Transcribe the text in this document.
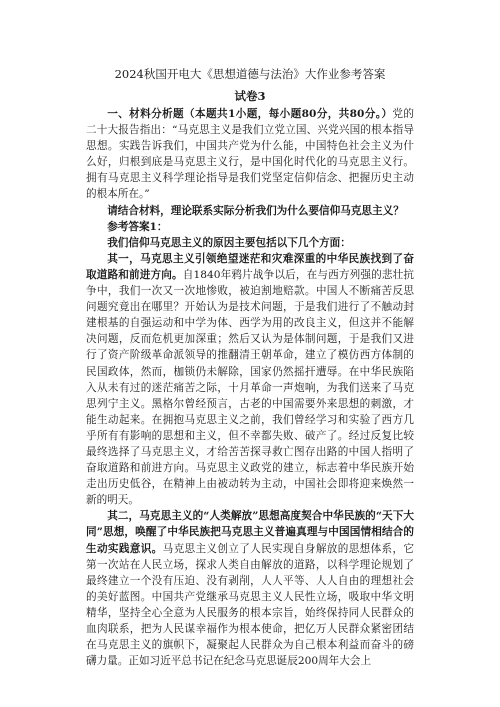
2024秋国开电大《思想道德与法治》大作业参考答案
试卷3

一、材料分析题（本题共1小题，每小题80分，共80分。）党的二十大报告指出：“马克思主义是我们立党立国、兴党兴国的根本指导思想。实践告诉我们，中国共产党为什么能，中国特色社会主义为什么好，归根到底是马克思主义行，是中国化时代化的马克思主义行。拥有马克思主义科学理论指导是我们党坚定信仰信念、把握历史主动的根本所在。”

请结合材料，理论联系实际分析我们为什么要信仰马克思主义？

参考答案1：

我们信仰马克思主义的原因主要包括以下几个方面：

其一，马克思主义引领绝望迷茫和灾难深重的中华民族找到了奋取道路和前进方向。自1840年鸦片战争以后，在与西方列强的悲壮抗争中，我们一次又一次地惨败，被迫割地赔款。中国人不断痛苦反思问题究竟出在哪里？开始认为是技术问题，于是我们进行了不触动封建根基的自强运动和中学为体、西学为用的改良主义，但这并不能解决问题，反而危机更加深重；然后又认为是体制问题，于是我们又进行了资产阶级革命派领导的推翻清王朝革命，建立了模仿西方体制的民国政体，然而，枷锁仍未解除，国家仍然摇扞遭辱。在中华民族陷入从未有过的迷茫痛苦之际，十月革命一声炮响，为我们送来了马克思列宁主义。黑格尔曾经预言，古老的中国需要外来思想的刺激，才能生动起来。在拥抱马克思主义之前，我们曾经学习和实验了西方几乎所有有影响的思想和主义，但不幸都失败、破产了。经过反复比较最终选择了马克思主义，才给苦苦探寻救亡图存出路的中国人指明了奋取道路和前进方向。马克思主义政党的建立，标志着中华民族开始走出历史低谷，在精神上由被动转为主动，中国社会即将迎来焕然一新的明天。

其二，马克思主义的“人类解放”思想高度契合中华民族的“天下大同”思想，唤醒了中华民族把马克思主义普遍真理与中国国情相结合的生动实践意识。马克思主义创立了人民实现自身解放的思想体系，它第一次站在人民立场，探求人类自由解放的道路，以科学理论规划了最终建立一个没有压迫、没有剥削，人人平等、人人自由的理想社会的美好蓝图。中国共产党继承马克思主义人民性立场，吸取中华文明精华，坚持全心全意为人民服务的根本宗旨，始终保持同人民群众的血肉联系，把为人民谋幸福作为根本使命，把亿万人民群众紧密团结在马克思主义的旗帜下，凝聚起人民群众为自己根本利益而奋斗的磅礴力量。正如习近平总书记在纪念马克思诞辰200周年大会上
